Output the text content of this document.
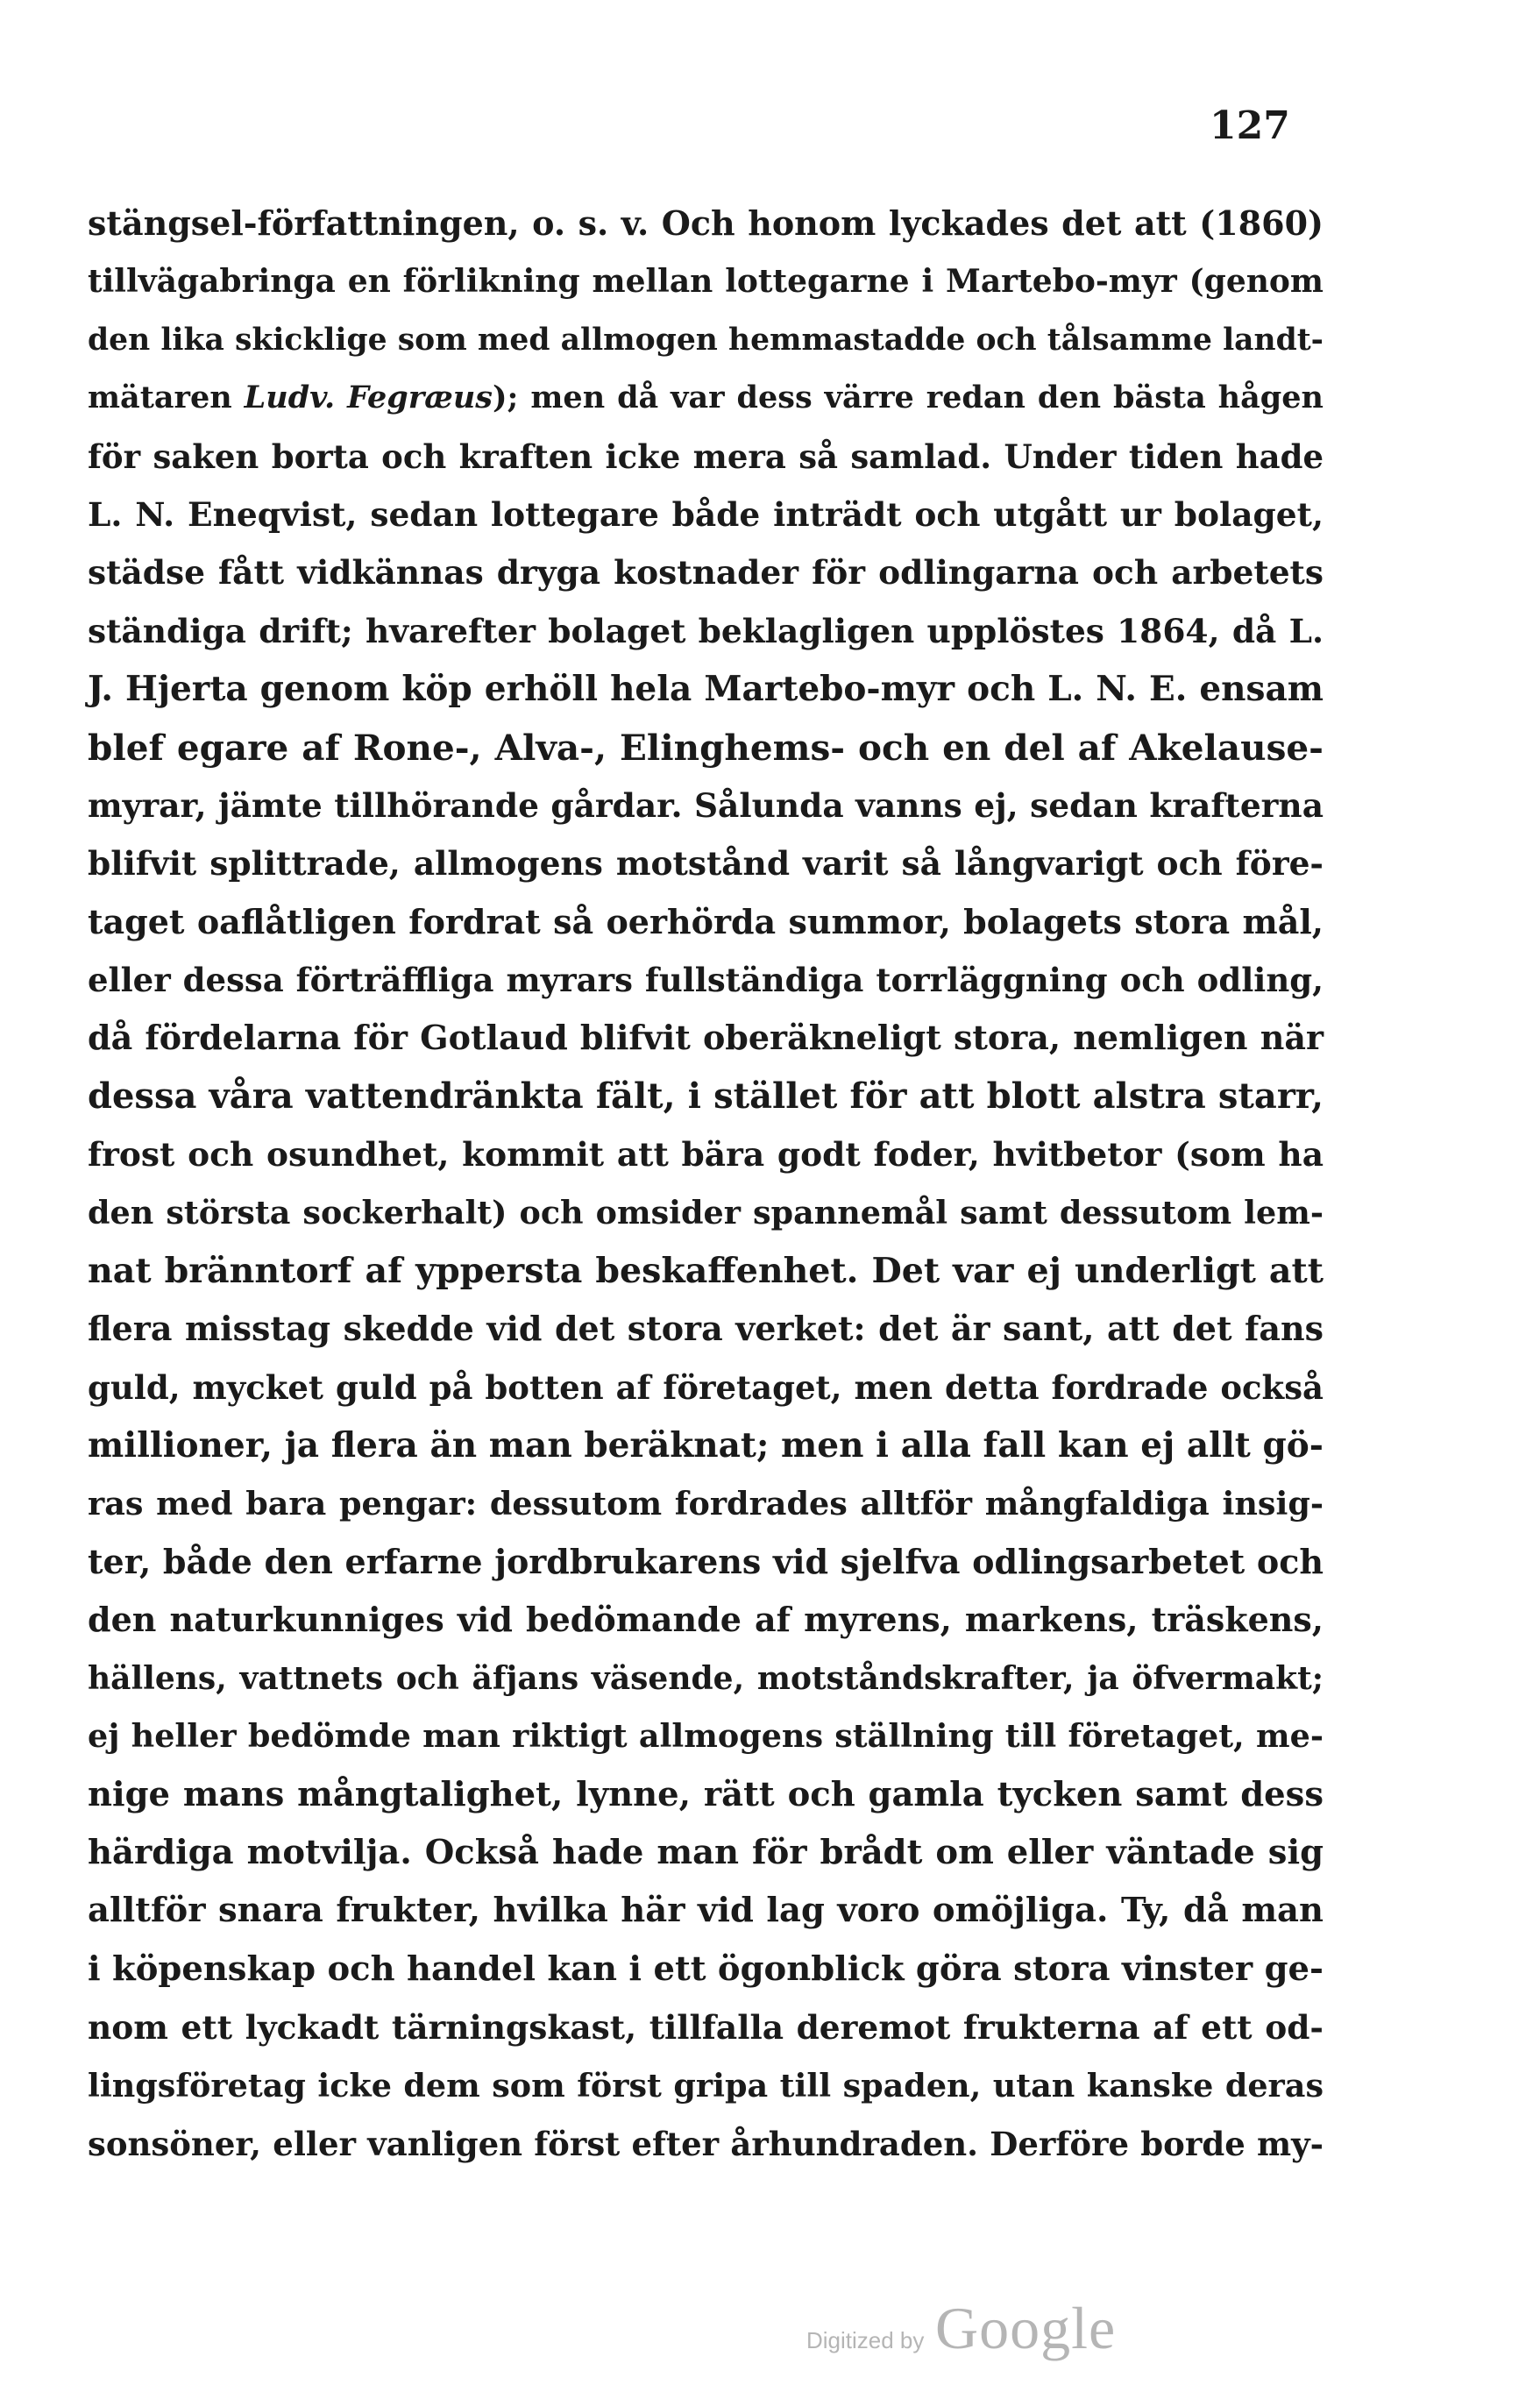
127
stängsel-författningen, o. s. v. Och honom lyckades det att (1860)
tillvägabringa en förlikning mellan lottegarne i Martebo-myr (genom
den lika skicklige som med allmogen hemmastadde och tålsamme landt-
mätaren Ludv. Fegræus); men då var dess värre redan den bästa hågen
för saken borta och kraften icke mera så samlad. Under tiden hade
L. N. Eneqvist, sedan lottegare både inträdt och utgått ur bolaget,
städse fått vidkännas dryga kostnader för odlingarna och arbetets
ständiga drift; hvarefter bolaget beklagligen upplöstes 1864, då L.
J. Hjerta genom köp erhöll hela Martebo-myr och L. N. E. ensam
blef egare af Rone-, Alva-, Elinghems- och en del af Akelause-
myrar, jämte tillhörande gårdar. Sålunda vanns ej, sedan krafterna
blifvit splittrade, allmogens motstånd varit så långvarigt och före-
taget oaflåtligen fordrat så oerhörda summor, bolagets stora mål,
eller dessa förträffliga myrars fullständiga torrläggning och odling,
då fördelarna för Gotlaud blifvit oberäkneligt stora, nemligen när
dessa våra vattendränkta fält, i stället för att blott alstra starr,
frost och osundhet, kommit att bära godt foder, hvitbetor (som ha
den största sockerhalt) och omsider spannemål samt dessutom lem-
nat bränntorf af yppersta beskaffenhet. Det var ej underligt att
flera misstag skedde vid det stora verket: det är sant, att det fans
guld, mycket guld på botten af företaget, men detta fordrade också
millioner, ja flera än man beräknat; men i alla fall kan ej allt gö-
ras med bara pengar: dessutom fordrades alltför mångfaldiga insig-
ter, både den erfarne jordbrukarens vid sjelfva odlingsarbetet och
den naturkunniges vid bedömande af myrens, markens, träskens,
hällens, vattnets och äfjans väsende, motståndskrafter, ja öfvermakt;
ej heller bedömde man riktigt allmogens ställning till företaget, me-
nige mans mångtalighet, lynne, rätt och gamla tycken samt dess
härdiga motvilja. Också hade man för brådt om eller väntade sig
alltför snara frukter, hvilka här vid lag voro omöjliga. Ty, då man
i köpenskap och handel kan i ett ögonblick göra stora vinster ge-
nom ett lyckadt tärningskast, tillfalla deremot frukterna af ett od-
lingsföretag icke dem som först gripa till spaden, utan kanske deras
sonsöner, eller vanligen först efter århundraden. Derföre borde my-
Digitized by Google
